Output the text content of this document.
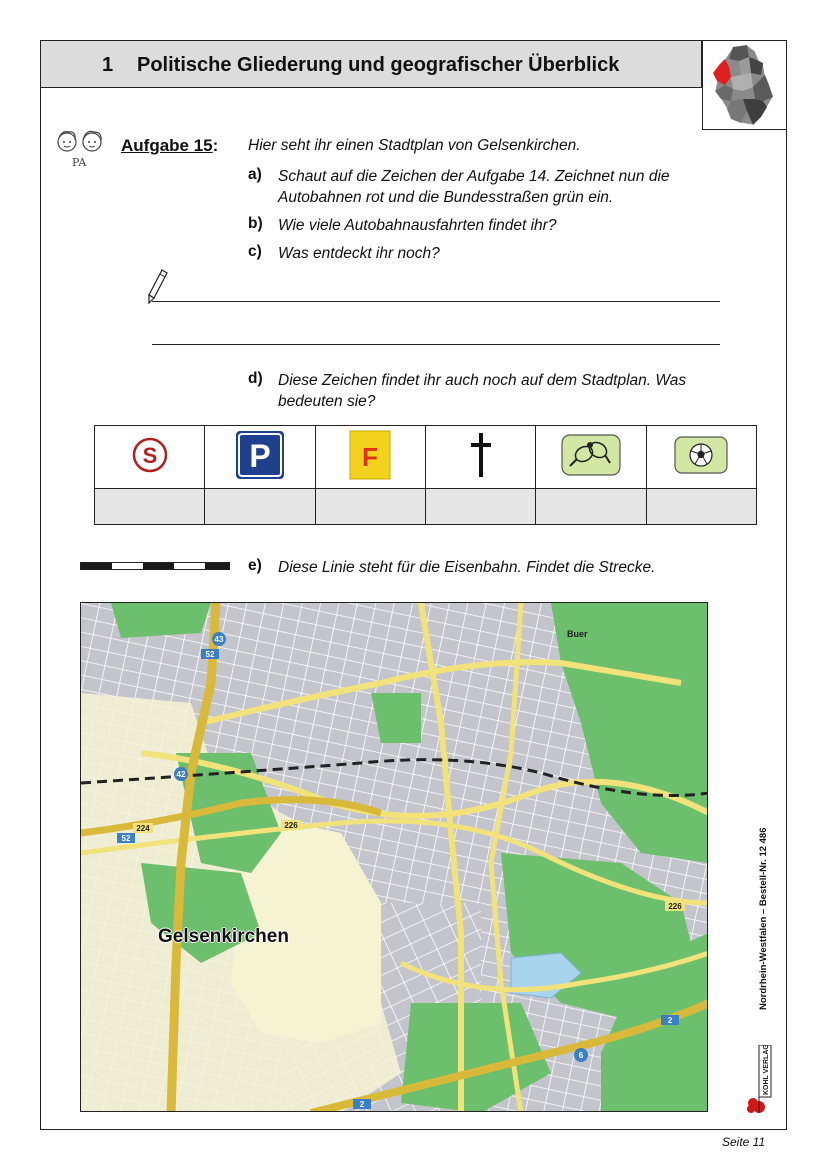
1 Politische Gliederung und geografischer Überblick
PA
Aufgabe 15: Hier seht ihr einen Stadtplan von Gelsenkirchen.
a) Schaut auf die Zeichen der Aufgabe 14. Zeichnet nun die Autobahnen rot und die Bundesstraßen grün ein.
b) Wie viele Autobahnausfahrten findet ihr?
c) Was entdeckt ihr noch?
d) Diese Zeichen findet ihr auch noch auf dem Stadtplan. Was bedeuten sie?
S	P	F

e) Diese Linie steht für die Eisenbahn. Findet die Strecke.
43
52
42
224
52
226
226
2
2
6
Gelsenkirchen
Buer
Nordrhein-Westfalen – Bestell-Nr. 12 486
KOHL VERLAG
Seite 11
